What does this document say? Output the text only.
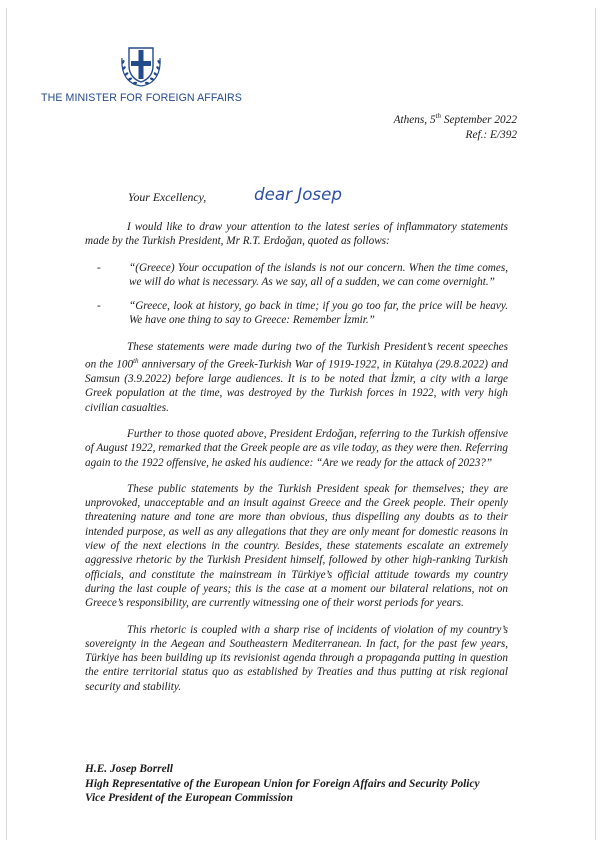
THE MINISTER FOR FOREIGN AFFAIRS
Athens, 5th September 2022
Ref.: E/392
Your Excellency,	dear Josep

I would like to draw your attention to the latest series of inflammatory statements made by the Turkish President, Mr R.T. Erdoğan, quoted as follows:

-	“(Greece) Your occupation of the islands is not our concern. When the time comes, we will do what is necessary. As we say, all of a sudden, we can come overnight.”
-	“Greece, look at history, go back in time; if you go too far, the price will be heavy. We have one thing to say to Greece: Remember İzmir.”

These statements were made during two of the Turkish President’s recent speeches on the 100th anniversary of the Greek-Turkish War of 1919-1922, in Kütahya (29.8.2022) and Samsun (3.9.2022) before large audiences. It is to be noted that İzmir, a city with a large Greek population at the time, was destroyed by the Turkish forces in 1922, with very high civilian casualties.

Further to those quoted above, President Erdoğan, referring to the Turkish offensive of August 1922, remarked that the Greek people are as vile today, as they were then. Referring again to the 1922 offensive, he asked his audience: “Are we ready for the attack of 2023?”

These public statements by the Turkish President speak for themselves; they are unprovoked, unacceptable and an insult against Greece and the Greek people. Their openly threatening nature and tone are more than obvious, thus dispelling any doubts as to their intended purpose, as well as any allegations that they are only meant for domestic reasons in view of the next elections in the country. Besides, these statements escalate an extremely aggressive rhetoric by the Turkish President himself, followed by other high-ranking Turkish officials, and constitute the mainstream in Türkiye’s official attitude towards my country during the last couple of years; this is the case at a moment our bilateral relations, not on Greece’s responsibility, are currently witnessing one of their worst periods for years.

This rhetoric is coupled with a sharp rise of incidents of violation of my country’s sovereignty in the Aegean and Southeastern Mediterranean. In fact, for the past few years, Türkiye has been building up its revisionist agenda through a propaganda putting in question the entire territorial status quo as established by Treaties and thus putting at risk regional security and stability.

H.E. Josep Borrell
High Representative of the European Union for Foreign Affairs and Security Policy
Vice President of the European Commission
